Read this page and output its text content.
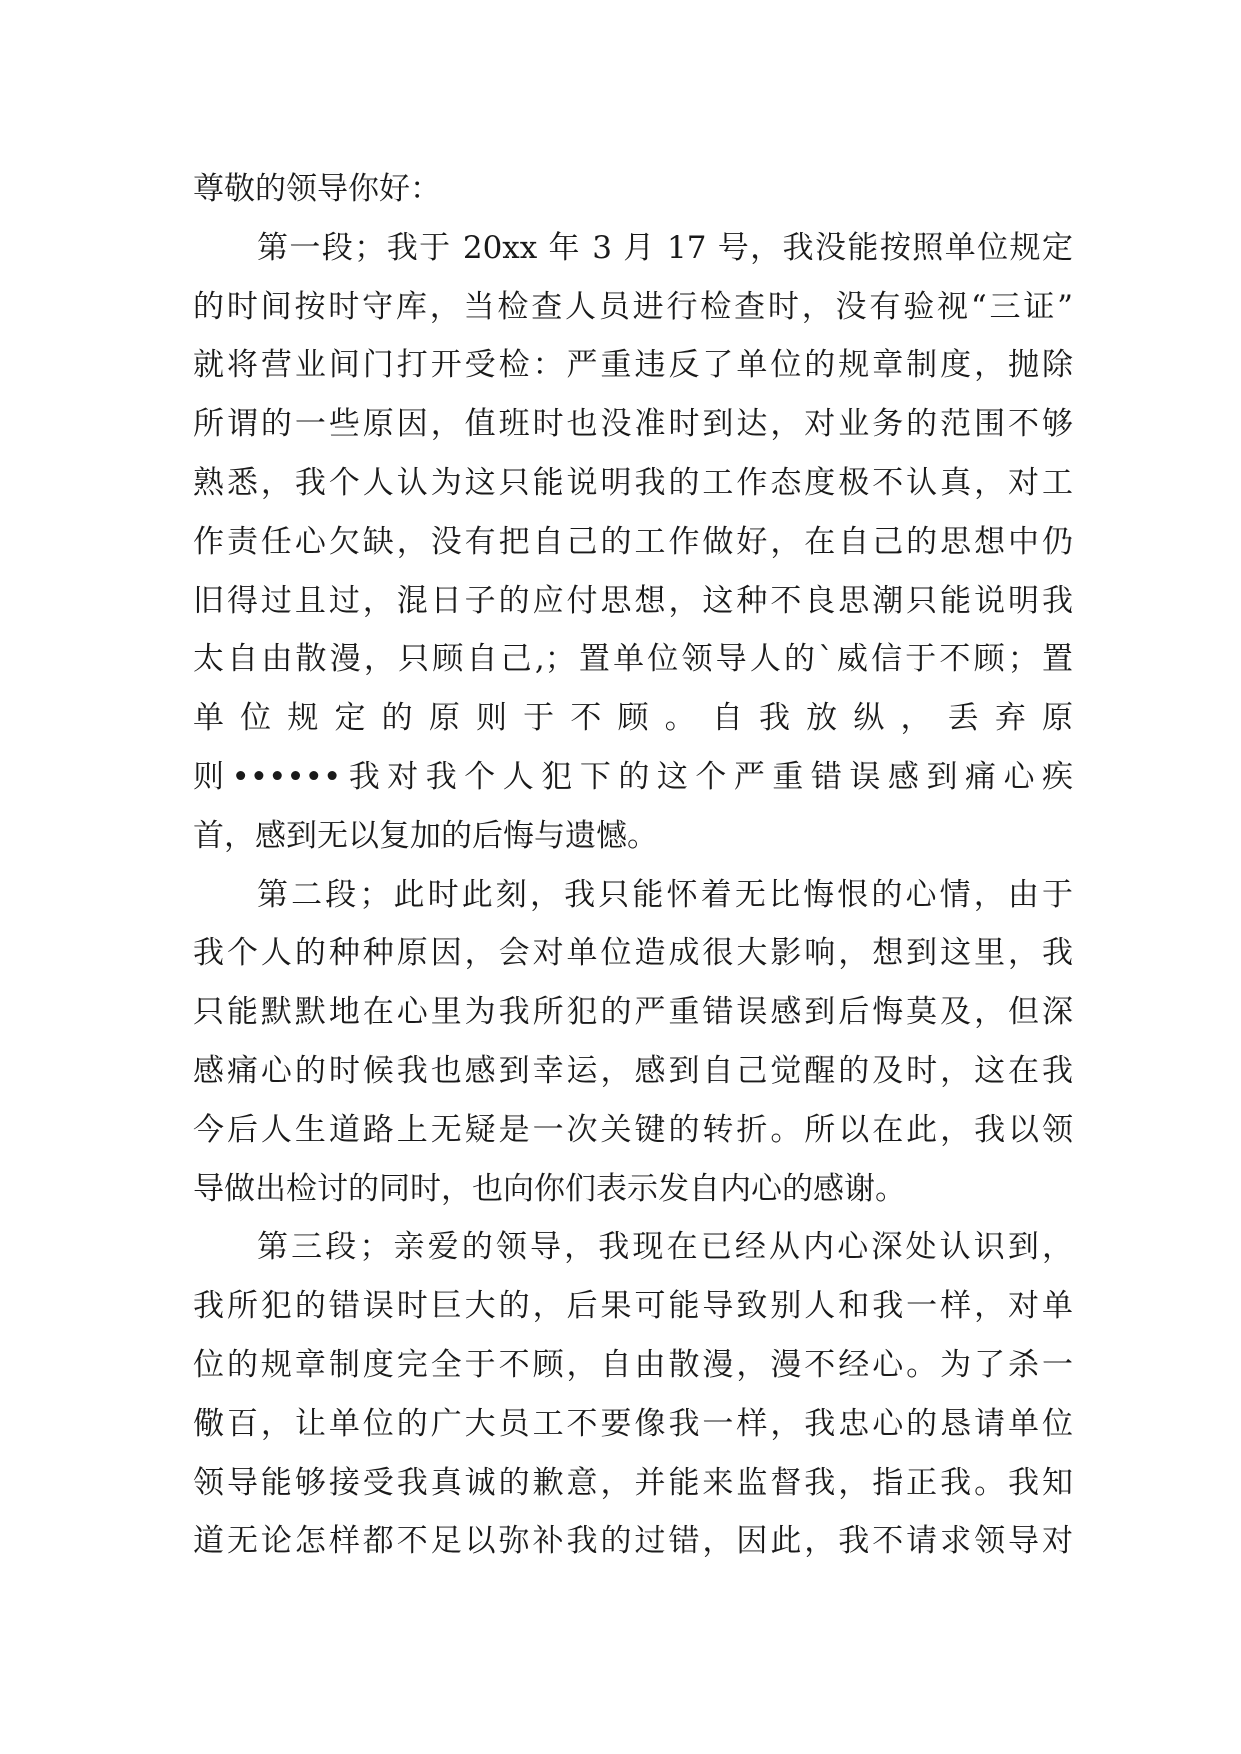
尊敬的领导你好：
第一段；我于 20xx 年 3 月 17 号，我没能按照单位规定
的时间按时守库，当检查人员进行检查时，没有验视“三证”
就将营业间门打开受检：严重违反了单位的规章制度，抛除
所谓的一些原因，值班时也没准时到达，对业务的范围不够
熟悉，我个人认为这只能说明我的工作态度极不认真，对工
作责任心欠缺，没有把自己的工作做好，在自己的思想中仍
旧得过且过，混日子的应付思想，这种不良思潮只能说明我
太自由散漫，只顾自己,；置单位领导人的`威信于不顾；置
单位规定的原则于不顾。自我放纵，丢弃原
则••••••我对我个人犯下的这个严重错误感到痛心疾
首，感到无以复加的后悔与遗憾。
第二段；此时此刻，我只能怀着无比悔恨的心情，由于
我个人的种种原因，会对单位造成很大影响，想到这里，我
只能默默地在心里为我所犯的严重错误感到后悔莫及，但深
感痛心的时候我也感到幸运，感到自己觉醒的及时，这在我
今后人生道路上无疑是一次关键的转折。所以在此，我以领
导做出检讨的同时，也向你们表示发自内心的感谢。
第三段；亲爱的领导，我现在已经从内心深处认识到，
我所犯的错误时巨大的，后果可能导致别人和我一样，对单
位的规章制度完全于不顾，自由散漫，漫不经心。为了杀一
儆百，让单位的广大员工不要像我一样，我忠心的恳请单位
领导能够接受我真诚的歉意，并能来监督我，指正我。我知
道无论怎样都不足以弥补我的过错，因此，我不请求领导对
